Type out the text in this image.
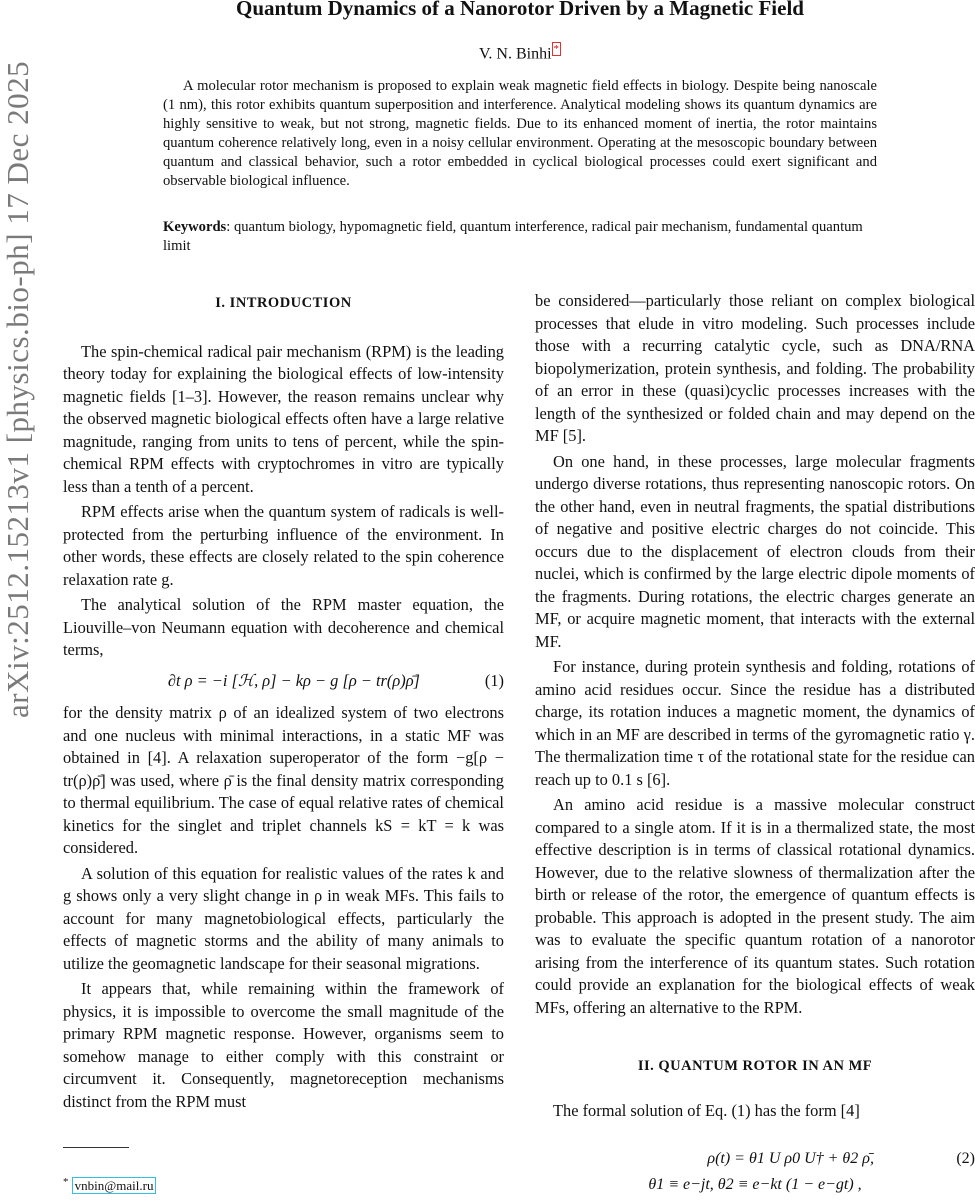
arXiv:2512.15213v1 [physics.bio-ph] 17 Dec 2025
Quantum Dynamics of a Nanorotor Driven by a Magnetic Field
V. N. Binhi *

A molecular rotor mechanism is proposed to explain weak magnetic field effects in biology. Despite being nanoscale (1 nm), this rotor exhibits quantum superposition and interference. Analytical modeling shows its quantum dynamics are highly sensitive to weak, but not strong, magnetic fields. Due to its enhanced moment of inertia, the rotor maintains quantum coherence relatively long, even in a noisy cellular environment. Operating at the mesoscopic boundary between quantum and classical behavior, such a rotor embedded in cyclical biological processes could exert significant and observable biological influence.

Keywords: quantum biology, hypomagnetic field, quantum interference, radical pair mechanism, fundamental quantum limit
I. INTRODUCTION

The spin-chemical radical pair mechanism (RPM) is the leading theory today for explaining the biological effects of low-intensity magnetic fields [1–3]. However, the reason remains unclear why the observed magnetic biological effects often have a large relative magnitude, ranging from units to tens of percent, while the spin-chemical RPM effects with cryptochromes in vitro are typically less than a tenth of a percent.

RPM effects arise when the quantum system of radicals is well-protected from the perturbing influence of the environment. In other words, these effects are closely related to the spin coherence relaxation rate g.

The analytical solution of the RPM master equation, the Liouville–von Neumann equation with decoherence and chemical terms,

∂t ρ = −i [ℋ, ρ] − kρ − g [ρ − tr(ρ)ρ̄]	(1)

for the density matrix ρ of an idealized system of two electrons and one nucleus with minimal interactions, in a static MF was obtained in [4]. A relaxation superoperator of the form −g[ρ − tr(ρ)ρ̄] was used, where ρ̄ is the final density matrix corresponding to thermal equilibrium. The case of equal relative rates of chemical kinetics for the singlet and triplet channels kS = kT = k was considered.

A solution of this equation for realistic values of the rates k and g shows only a very slight change in ρ in weak MFs. This fails to account for many magnetobiological effects, particularly the effects of magnetic storms and the ability of many animals to utilize the geomagnetic landscape for their seasonal migrations.

It appears that, while remaining within the framework of physics, it is impossible to overcome the small magnitude of the primary RPM magnetic response. However, organisms seem to somehow manage to either comply with this constraint or circumvent it. Consequently, magnetoreception mechanisms distinct from the RPM must

be considered—particularly those reliant on complex biological processes that elude in vitro modeling. Such processes include those with a recurring catalytic cycle, such as DNA/RNA biopolymerization, protein synthesis, and folding. The probability of an error in these (quasi)cyclic processes increases with the length of the synthesized or folded chain and may depend on the MF [5].

On one hand, in these processes, large molecular fragments undergo diverse rotations, thus representing nanoscopic rotors. On the other hand, even in neutral fragments, the spatial distributions of negative and positive electric charges do not coincide. This occurs due to the displacement of electron clouds from their nuclei, which is confirmed by the large electric dipole moments of the fragments. During rotations, the electric charges generate an MF, or acquire magnetic moment, that interacts with the external MF.

For instance, during protein synthesis and folding, rotations of amino acid residues occur. Since the residue has a distributed charge, its rotation induces a magnetic moment, the dynamics of which in an MF are described in terms of the gyromagnetic ratio γ. The thermalization time τ of the rotational state for the residue can reach up to 0.1 s [6].

An amino acid residue is a massive molecular construct compared to a single atom. If it is in a thermalized state, the most effective description is in terms of classical rotational dynamics. However, due to the relative slowness of thermalization after the birth or release of the rotor, the emergence of quantum effects is probable. This approach is adopted in the present study. The aim was to evaluate the specific quantum rotation of a nanorotor arising from the interference of its quantum states. Such rotation could provide an explanation for the biological effects of weak MFs, offering an alternative to the RPM.

II. QUANTUM ROTOR IN AN MF

The formal solution of Eq. (1) has the form [4]

ρ(t) = θ1 U ρ0 U† + θ2 ρ̄,	(2)
θ1 ≡ e−jt, θ2 ≡ e−kt (1 − e−gt) ,
* vnbin@mail.ru
